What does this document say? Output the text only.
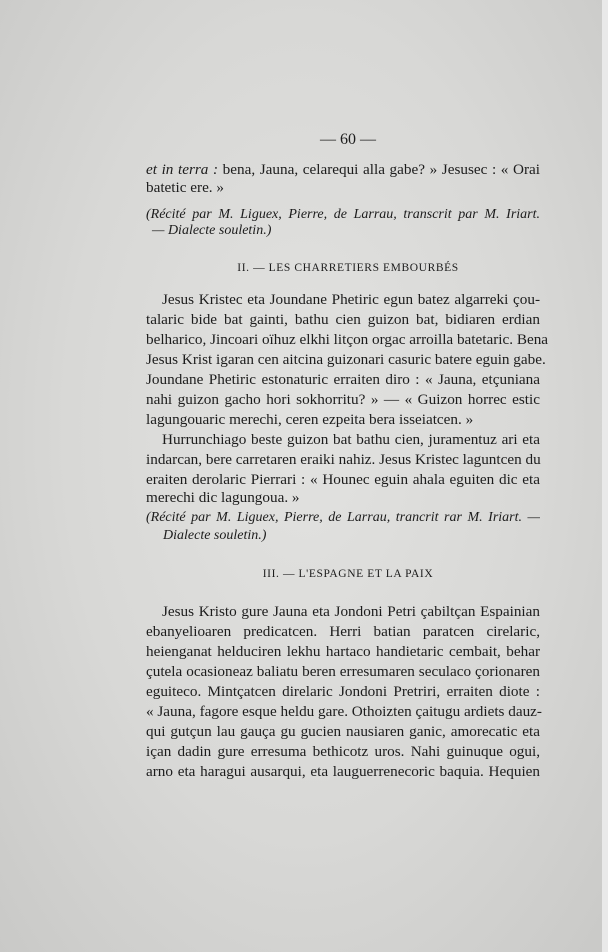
— 60 —
et in terra : bena, Jauna, celarequi alla gabe? » Jesusec : « Orai
batetic ere. »
(Récité par M. Liguex, Pierre, de Larrau, transcrit par M. Iriart.
— Dialecte souletin.)
II. — LES CHARRETIERS EMBOURBÉS
Jesus Kristec eta Joundane Phetiric egun batez algarreki çou-
talaric bide bat gainti, bathu cien guizon bat, bidiaren erdian
belharico, Jincoari oïhuz elkhi litçon orgac arroilla batetaric. Bena
Jesus Krist igaran cen aitcina guizonari casuric batere eguin gabe.
Joundane Phetiric estonaturic erraiten diro : « Jauna, etçuniana
nahi guizon gacho hori sokhorritu? » — « Guizon horrec estic
lagungouaric merechi, ceren ezpeita bera isseiatcen. »
Hurrunchiago beste guizon bat bathu cien, juramentuz ari eta
indarcan, bere carretaren eraiki nahiz. Jesus Kristec laguntcen du
eraiten derolaric Pierrari : « Hounec eguin ahala eguiten dic eta
merechi dic lagungoua. »
(Récité par M. Liguex, Pierre, de Larrau, trancrit rar M. Iriart. —
Dialecte souletin.)
III. — L'ESPAGNE ET LA PAIX
Jesus Kristo gure Jauna eta Jondoni Petri çabiltçan Espainian
ebanyelioaren predicatcen. Herri batian paratcen cirelaric,
heienganat helduciren lekhu hartaco handietaric cembait, behar
çutela ocasioneaz baliatu beren erresumaren seculaco çorionaren
eguiteco. Mintçatcen direlaric Jondoni Pretriri, erraiten diote :
« Jauna, fagore esque heldu gare. Othoizten çaitugu ardiets dauz-
qui gutçun lau gauça gu gucien nausiaren ganic, amorecatic eta
içan dadin gure erresuma bethicotz uros. Nahi guinuque ogui,
arno eta haragui ausarqui, eta lauguerrenecoric baquia. Hequien
